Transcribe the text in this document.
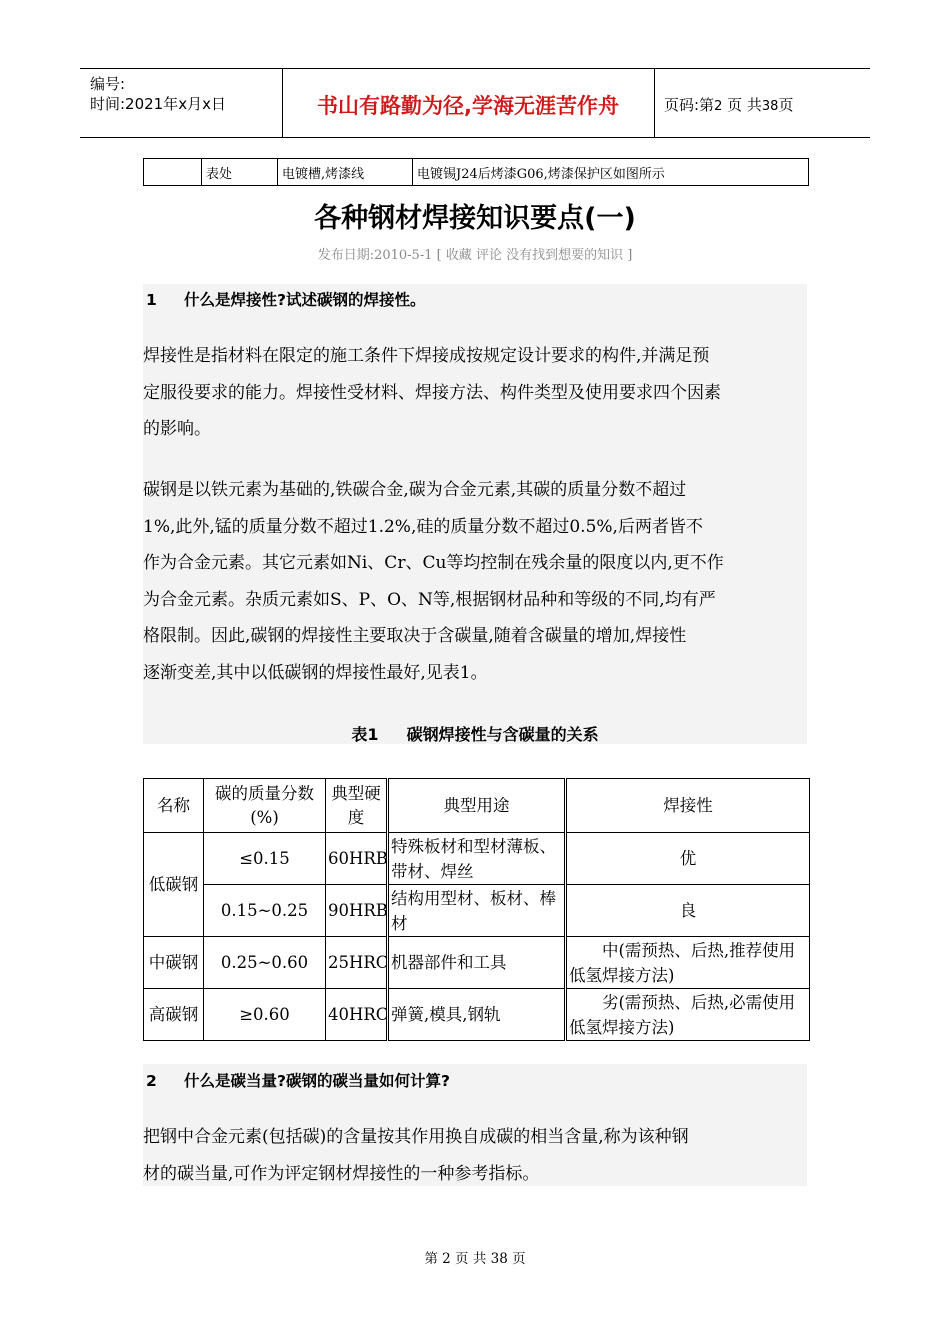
编号:
时间:2021年x月x日	书山有路勤为径,学海无涯苦作舟	页码:第2 页 共38页
	表处	电镀槽,烤漆线	电镀锡J24后烤漆G06,烤漆保护区如图所示
各种钢材焊接知识要点(一)
发布日期:2010-5-1 [ 收藏 评论 没有找到想要的知识 ]
1 什么是焊接性?试述碳钢的焊接性。
焊接性是指材料在限定的施工条件下焊接成按规定设计要求的构件,并满足预
定服役要求的能力。焊接性受材料、焊接方法、构件类型及使用要求四个因素
的影响。
碳钢是以铁元素为基础的,铁碳合金,碳为合金元素,其碳的质量分数不超过
1%,此外,锰的质量分数不超过1.2%,硅的质量分数不超过0.5%,后两者皆不
作为合金元素。其它元素如Ni、Cr、Cu等均控制在残余量的限度以内,更不作
为合金元素。杂质元素如S、P、O、N等,根据钢材品种和等级的不同,均有严
格限制。因此,碳钢的焊接性主要取决于含碳量,随着含碳量的增加,焊接性
逐渐变差,其中以低碳钢的焊接性最好,见表1。
表1 碳钢焊接性与含碳量的关系
名称	碳的质量分数(%)	典型硬度	典型用途	焊接性
低碳钢	≤0.15	60HRB	特殊板材和型材薄板、带材、焊丝	优
	0.15~0.25	90HRB	结构用型材、板材、棒材	良
中碳钢	0.25~0.60	25HRC	机器部件和工具	中(需预热、后热,推荐使用低氢焊接方法)
高碳钢	≥0.60	40HRC	弹簧,模具,钢轨	劣(需预热、后热,必需使用低氢焊接方法)
2 什么是碳当量?碳钢的碳当量如何计算?
把钢中合金元素(包括碳)的含量按其作用换自成碳的相当含量,称为该种钢
材的碳当量,可作为评定钢材焊接性的一种参考指标。
第 2 页 共 38 页
